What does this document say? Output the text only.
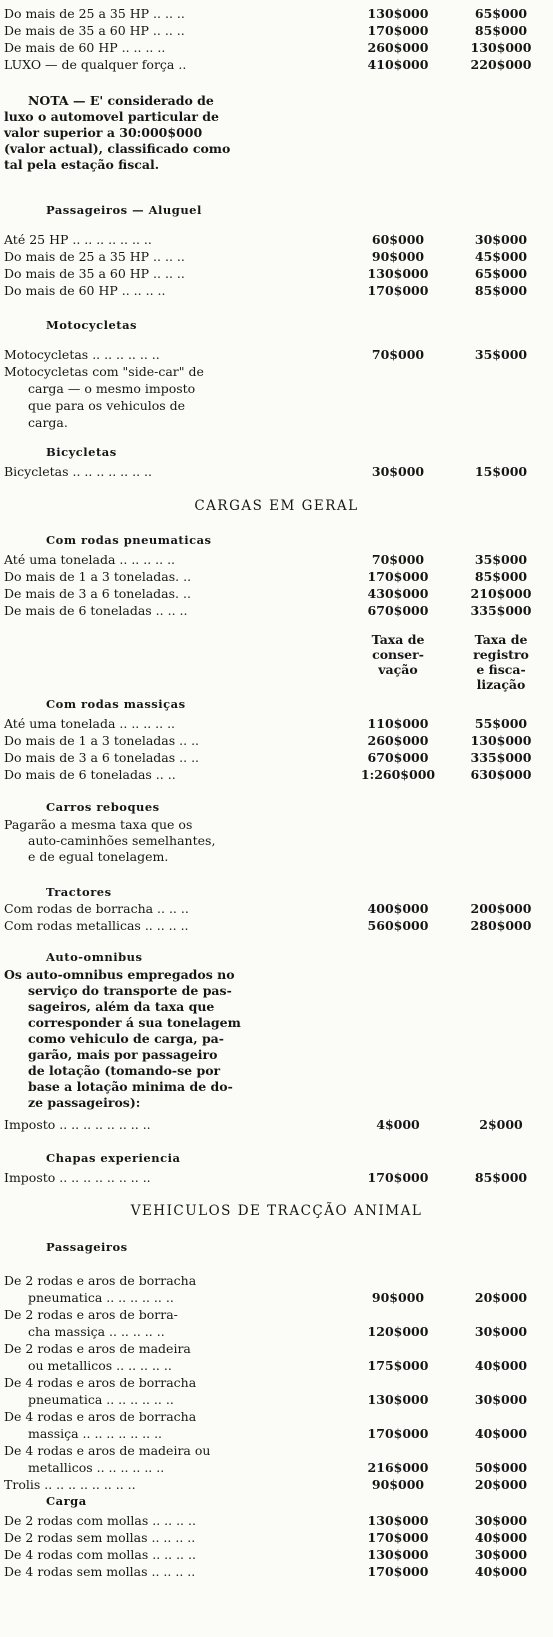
Do mais de 25 a 35 HP .. .. ..	130$000	65$000
De mais de 35 a 60 HP .. .. ..	170$000	85$000
De mais de 60 HP .. .. .. ..	260$000	130$000
LUXO — de qualquer força ..	410$000	220$000
NOTA — E' considerado de
luxo o automovel particular de
valor superior a 30:000$000
(valor actual), classificado como
tal pela estação fiscal.
Passageiros — Aluguel
Até 25 HP .. .. .. .. .. .. ..	60$000	30$000
Do mais de 25 a 35 HP .. .. ..	90$000	45$000
Do mais de 35 a 60 HP .. .. ..	130$000	65$000
Do mais de 60 HP .. .. .. ..	170$000	85$000
Motocycletas
Motocycletas .. .. .. .. .. ..	70$000	35$000
Motocycletas com "side-car" de
carga — o mesmo imposto
que para os vehiculos de
carga.
Bicycletas
Bicycletas .. .. .. .. .. .. ..	30$000	15$000
CARGAS EM GERAL
Com rodas pneumaticas
Até uma tonelada .. .. .. .. ..	70$000	35$000
Do mais de 1 a 3 toneladas. ..	170$000	85$000
De mais de 3 a 6 toneladas. ..	430$000	210$000
De mais de 6 toneladas .. .. ..	670$000	335$000
Taxa de
conser-
vação
Taxa de
registro
e fisca-
lização
Com rodas massiças
Até uma tonelada .. .. .. .. ..	110$000	55$000
Do mais de 1 a 3 toneladas .. ..	260$000	130$000
Do mais de 3 a 6 toneladas .. ..	670$000	335$000
Do mais de 6 toneladas .. ..	1:260$000	630$000
Carros reboques
Pagarão a mesma taxa que os
auto-caminhões semelhantes,
e de egual tonelagem.
Tractores
Com rodas de borracha .. .. ..	400$000	200$000
Com rodas metallicas .. .. .. ..	560$000	280$000
Auto-omnibus
Os auto-omnibus empregados no
serviço do transporte de pas-
sageiros, além da taxa que
corresponder á sua tonelagem
como vehiculo de carga, pa-
garão, mais por passageiro
de lotação (tomando-se por
base a lotação minima de do-
ze passageiros):
Imposto .. .. .. .. .. .. .. ..	4$000	2$000
Chapas experiencia
Imposto .. .. .. .. .. .. .. ..	170$000	85$000
VEHICULOS DE TRACÇÃO ANIMAL
Passageiros
De 2 rodas e aros de borracha
pneumatica .. .. .. .. .. ..	90$000	20$000
De 2 rodas e aros de borra-
cha massiça .. .. .. .. ..	120$000	30$000
De 2 rodas e aros de madeira
ou metallicos .. .. .. .. ..	175$000	40$000
De 4 rodas e aros de borracha
pneumatica .. .. .. .. .. ..	130$000	30$000
De 4 rodas e aros de borracha
massiça .. .. .. .. .. .. ..	170$000	40$000
De 4 rodas e aros de madeira ou
metallicos .. .. .. .. .. ..	216$000	50$000
Trolis .. .. .. .. .. .. .. ..	90$000	20$000
Carga
De 2 rodas com mollas .. .. .. ..	130$000	30$000
De 2 rodas sem mollas .. .. .. ..	170$000	40$000
De 4 rodas com mollas .. .. .. ..	130$000	30$000
De 4 rodas sem mollas .. .. .. ..	170$000	40$000
